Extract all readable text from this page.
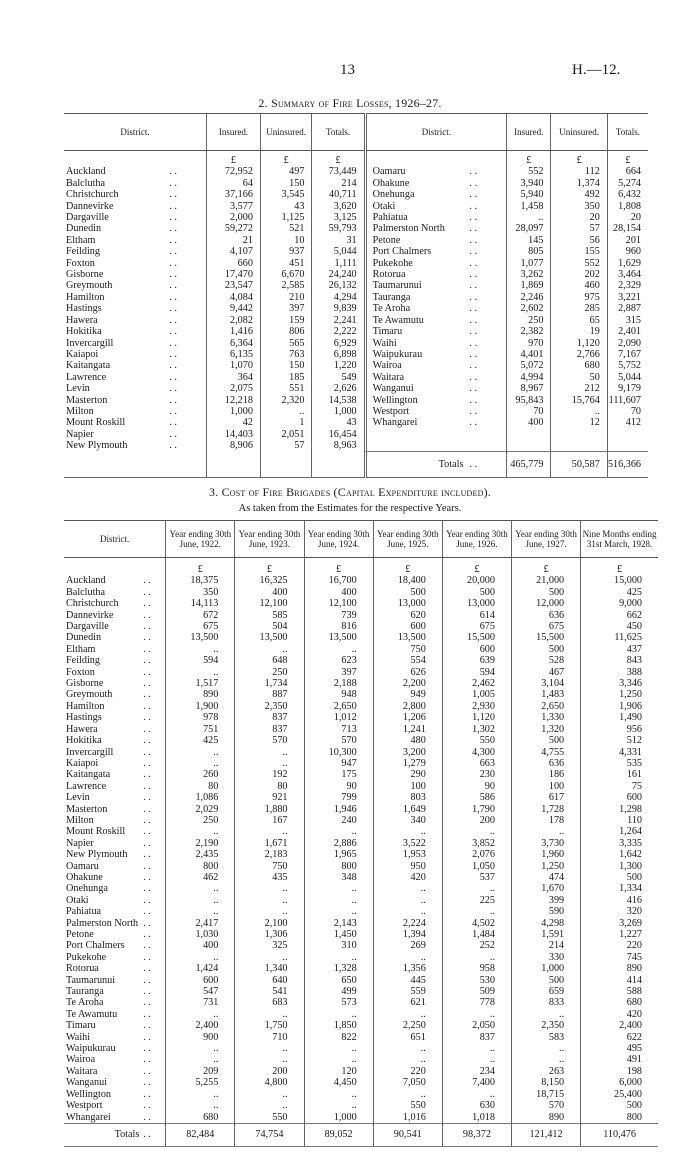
13	H.—12.
2. Summary of Fire Losses, 1926–27.
District.		Insured.	Uninsured.	Totals.	District.		Insured.	Uninsured.	Totals.
		£	£	£			£	£	£
Auckland	. .	72,952	497	73,449	Oamaru	. .	552	112	664
Balclutha	. .	64	150	214	Ohakune	. .	3,940	1,374	5,274
Christchurch	. .	37,166	3,545	40,711	Onehunga	. .	5,940	492	6,432
Dannevirke	. .	3,577	43	3,620	Otaki	. .	1,458	350	1,808
Dargaville	. .	2,000	1,125	3,125	Pahiatua	. .	..	20	20
Dunedin	. .	59,272	521	59,793	Palmerston North	. .	28,097	57	28,154
Eltham	. .	21	10	31	Petone	. .	145	56	201
Feilding	. .	4,107	937	5,044	Port Chalmers	. .	805	155	960
Foxton	. .	660	451	1,111	Pukekohe	. .	1,077	552	1,629
Gisborne	. .	17,470	6,670	24,240	Rotorua	. .	3,262	202	3,464
Greymouth	. .	23,547	2,585	26,132	Taumarunui	. .	1,869	460	2,329
Hamilton	. .	4,084	210	4,294	Tauranga	. .	2,246	975	3,221
Hastings	. .	9,442	397	9,839	Te Aroha	. .	2,602	285	2,887
Hawera	. .	2,082	159	2,241	Te Awamutu	. .	250	65	315
Hokitika	. .	1,416	806	2,222	Timaru	. .	2,382	19	2,401
Invercargill	. .	6,364	565	6,929	Waihi	. .	970	1,120	2,090
Kaiapoi	. .	6,135	763	6,898	Waipukurau	. .	4,401	2,766	7,167
Kaitangata	. .	1,070	150	1,220	Wairoa	. .	5,072	680	5,752
Lawrence	. .	364	185	549	Waitara	. .	4,994	50	5,044
Levin	. .	2,075	551	2,626	Wanganui	. .	8,967	212	9,179
Masterton	. .	12,218	2,320	14,538	Wellington	. .	95,843	15,764	111,607
Milton	. .	1,000	..	1,000	Westport	. .	70	..	70
Mount Roskill	. .	42	1	43	Whangarei	. .	400	12	412
Napier	. .	14,403	2,051	16,454					
New Plymouth	. .	8,906	57	8,963					
					Totals	. .	465,779	50,587	516,366

3. Cost of Fire Brigades (Capital Expenditure included).
As taken from the Estimates for the respective Years.
District.		Year ending 30th June, 1922.	Year ending 30th June, 1923.	Year ending 30th June, 1924.	Year ending 30th June, 1925.	Year ending 30th June, 1926.	Year ending 30th June, 1927.	Nine Months ending 31st March, 1928.
		£	£	£	£	£	£	£
Auckland	. .	18,375	16,325	16,700	18,400	20,000	21,000	15,000
Balclutha	. .	350	400	400	500	500	500	425
Christchurch	. .	14,113	12,100	12,100	13,000	13,000	12,000	9,000
Dannevirke	. .	672	585	739	620	614	636	662
Dargaville	. .	675	504	816	600	675	675	450
Dunedin	. .	13,500	13,500	13,500	13,500	15,500	15,500	11,625
Eltham	. .	..	..	..	750	600	500	437
Feilding	. .	594	648	623	554	639	528	843
Foxton	. .	..	250	397	626	594	467	388
Gisborne	. .	1,517	1,734	2,188	2,200	2,462	3,104	3,346
Greymouth	. .	890	887	948	949	1,005	1,483	1,250
Hamilton	. .	1,900	2,350	2,650	2,800	2,930	2,650	1,906
Hastings	. .	978	837	1,012	1,206	1,120	1,330	1,490
Hawera	. .	751	837	713	1,241	1,302	1,320	956
Hokitika	. .	425	570	570	480	550	500	512
Invercargill	. .	..	..	10,300	3,200	4,300	4,755	4,331
Kaiapoi	. .	..	..	947	1,279	663	636	535
Kaitangata	. .	260	192	175	290	230	186	161
Lawrence	. .	80	80	90	100	90	100	75
Levin	. .	1,086	921	799	803	586	617	600
Masterton	. .	2,029	1,880	1,946	1,649	1,790	1,728	1,298
Milton	. .	250	167	240	340	200	178	110
Mount Roskill	. .	..	..	..	..	..	..	1,264
Napier	. .	2,190	1,671	2,886	3,522	3,852	3,730	3,335
New Plymouth	. .	2,435	2,183	1,965	1,953	2,076	1,960	1,642
Oamaru	. .	800	750	800	950	1,050	1,250	1,300
Ohakune	. .	462	435	348	420	537	474	500
Onehunga	. .	..	..	..	..	..	1,670	1,334
Otaki	. .	..	..	..	..	225	399	416
Pahiatua	. .	..	..	..	..	..	590	320
Palmerston North	. .	2,417	2,100	2,143	2,224	4,502	4,298	3,269
Petone	. .	1,030	1,306	1,450	1,394	1,484	1,591	1,227
Port Chalmers	. .	400	325	310	269	252	214	220
Pukekohe	. .	..	..	..	..	..	330	745
Rotorua	. .	1,424	1,340	1,328	1,356	958	1,000	890
Taumarunui	. .	600	640	650	445	530	500	414
Tauranga	. .	547	541	499	559	509	659	588
Te Aroha	. .	731	683	573	621	778	833	680
Te Awamutu	. .	..	..	..	..	..	..	420
Timaru	. .	2,400	1,750	1,850	2,250	2,050	2,350	2,400
Waihi	. .	900	710	822	651	837	583	622
Waipukurau	. .	..	..	..	..	..	..	495
Wairoa	. .	..	..	..	..	..	..	491
Waitara	. .	209	200	120	220	234	263	198
Wanganui	. .	5,255	4,800	4,450	7,050	7,400	8,150	6,000
Wellington	. .	..	..	..	..	..	18,715	25,400
Westport	. .	..	..	..	550	630	570	500
Whangarei	. .	680	550	1,000	1,016	1,018	890	800
Totals	. .	82,484	74,754	89,052	90,541	98,372	121,412	110,476
